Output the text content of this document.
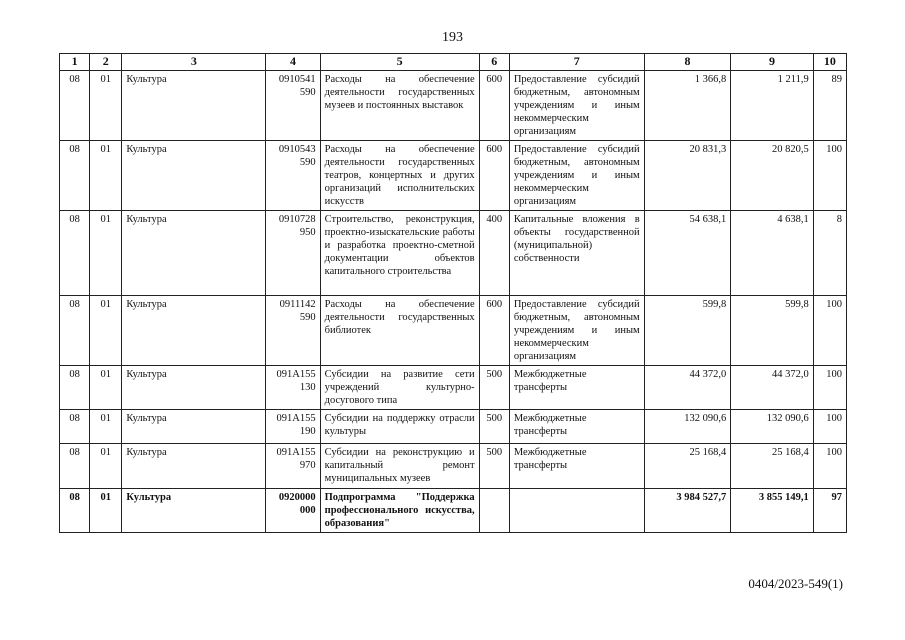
193
1	2	3	4	5	6	7	8	9	10
08	01	Культура	0910541 590	Расходы на обеспечение деятельности государственных музеев и постоянных выставок	600	Предоставление субсидий бюджетным, автономным учреждениям и иным некоммерческим организациям	1 366,8	1 211,9	89
08	01	Культура	0910543 590	Расходы на обеспечение деятельности государственных театров, концертных и других организаций исполнительских искусств	600	Предоставление субсидий бюджетным, автономным учреждениям и иным некоммерческим организациям	20 831,3	20 820,5	100
08	01	Культура	0910728 950	Строительство, реконструкция, проектно-изыскательские работы и разработка проектно-сметной документации объектов капитального строительства	400	Капитальные вложения в объекты государственной (муниципальной) собственности	54 638,1	4 638,1	8
08	01	Культура	0911142 590	Расходы на обеспечение деятельности государственных библиотек	600	Предоставление субсидий бюджетным, автономным учреждениям и иным некоммерческим организациям	599,8	599,8	100
08	01	Культура	091А155 130	Субсидии на развитие сети учреждений культурно-досугового типа	500	Межбюджетные трансферты	44 372,0	44 372,0	100
08	01	Культура	091А155 190	Субсидии на поддержку отрасли культуры	500	Межбюджетные трансферты	132 090,6	132 090,6	100
08	01	Культура	091А155 970	Субсидии на реконструкцию и капитальный ремонт муниципальных музеев	500	Межбюджетные трансферты	25 168,4	25 168,4	100
08	01	Культура	0920000 000	Подпрограмма "Поддержка профессионального искусства, образования"			3 984 527,7	3 855 149,1	97
0404/2023-549(1)
